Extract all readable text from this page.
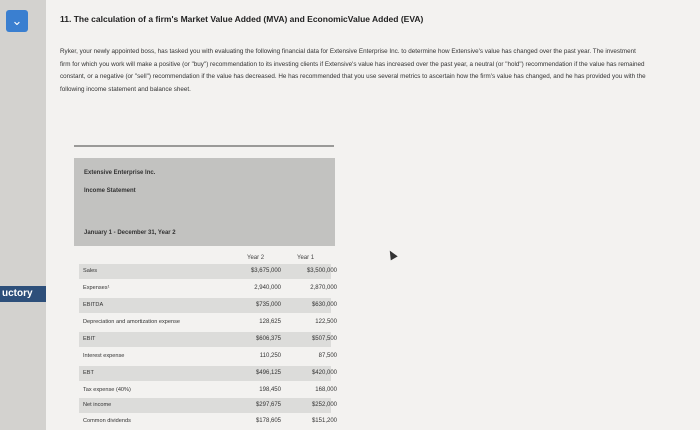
⌄
uctory
11. The calculation of a firm's Market Value Added (MVA) and EconomicValue Added (EVA)
Ryker, your newly appointed boss, has tasked you with evaluating the following financial data for Extensive Enterprise Inc. to determine how Extensive's value has changed over the past year. The investment firm for which you work will make a positive (or "buy") recommendation to its investing clients if Extensive's value has increased over the past year, a neutral (or "hold") recommendation if the value has remained constant, or a negative (or "sell") recommendation if the value has decreased. He has recommended that you use several metrics to ascertain how the firm's value has changed, and he has provided you with the following income statement and balance sheet.
Extensive Enterprise Inc.
Income Statement
January 1 - December 31, Year 2
Year 2	Year 1
Sales	$3,675,000	$3,500,000
Expenses¹	2,940,000	2,870,000
EBITDA	$735,000	$630,000
Depreciation and amortization expense	128,625	122,500
EBIT	$606,375	$507,500
Interest expense	110,250	87,500
EBT	$496,125	$420,000
Tax expense (40%)	198,450	168,000
Net income	$297,675	$252,000
Common dividends	$178,605	$151,200
